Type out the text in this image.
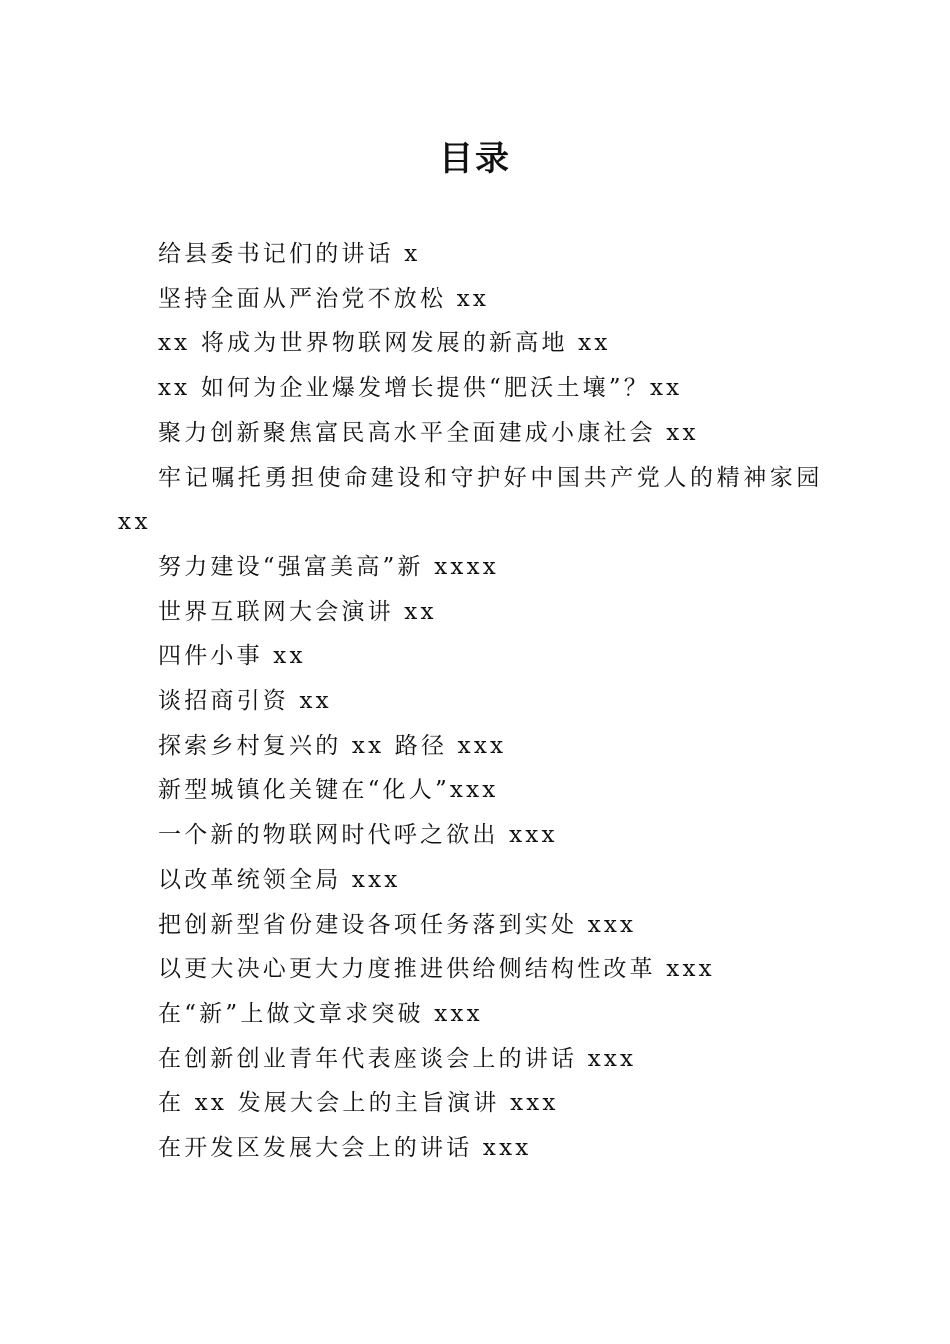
目录
给县委书记们的讲话 x
坚持全面从严治党不放松 xx
xx 将成为世界物联网发展的新高地 xx
xx 如何为企业爆发增长提供“肥沃土壤”？xx
聚力创新聚焦富民高水平全面建成小康社会 xx
牢记嘱托勇担使命建设和守护好中国共产党人的精神家园 xx
努力建设“强富美高”新 xxxx
世界互联网大会演讲 xx
四件小事 xx
谈招商引资 xx
探索乡村复兴的 xx 路径 xxx
新型城镇化关键在“化人”xxx
一个新的物联网时代呼之欲出 xxx
以改革统领全局 xxx
把创新型省份建设各项任务落到实处 xxx
以更大决心更大力度推进供给侧结构性改革 xxx
在“新”上做文章求突破 xxx
在创新创业青年代表座谈会上的讲话 xxx
在 xx 发展大会上的主旨演讲 xxx
在开发区发展大会上的讲话 xxx
